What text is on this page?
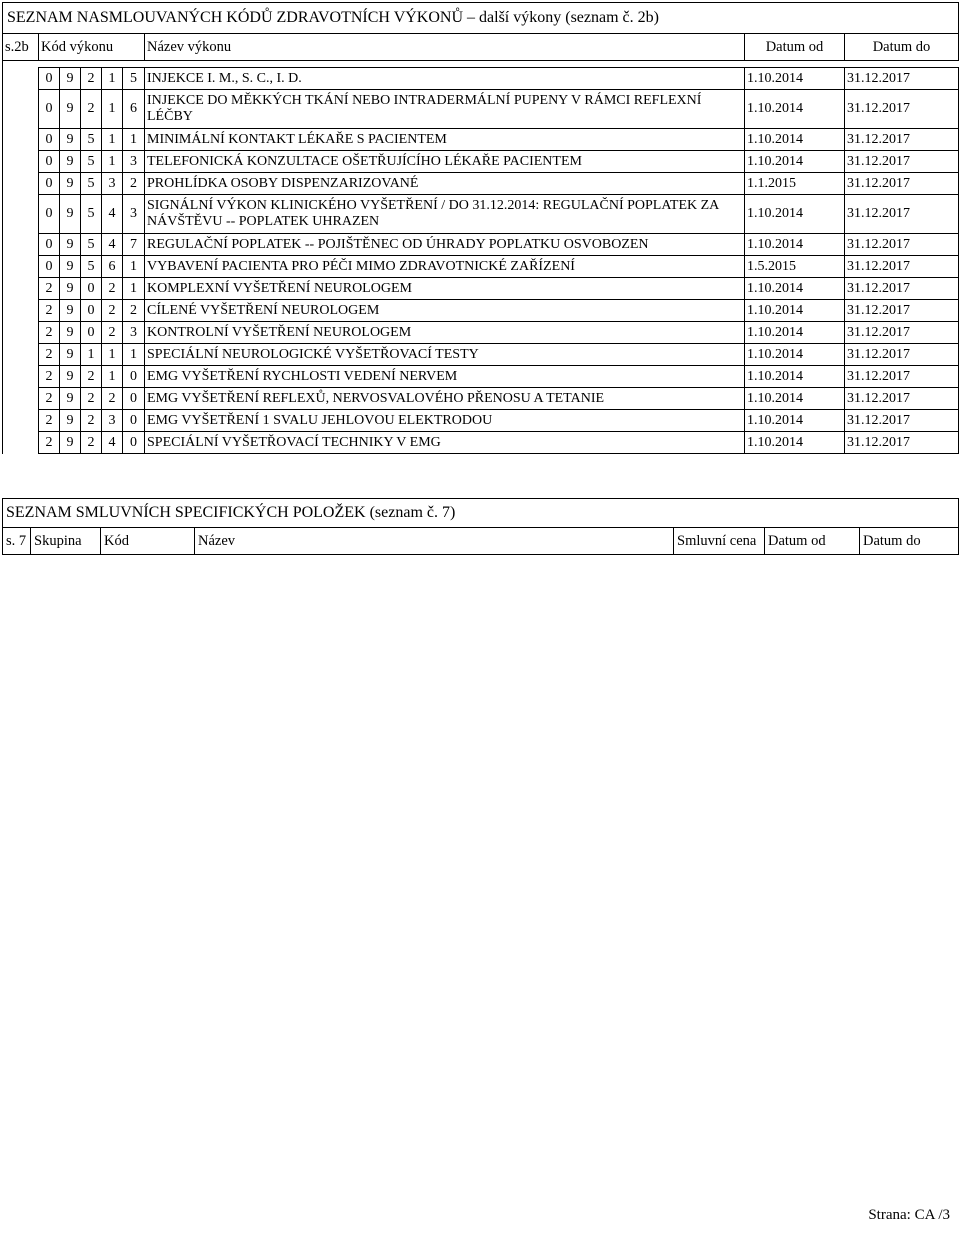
SEZNAM NASMLOUVANÝCH KÓDŮ ZDRAVOTNÍCH VÝKONŮ – další výkony (seznam č. 2b)								
s.2b	Kód výkonu					Název výkonu	Datum od	Datum do

	0	9	2	1	5	INJEKCE I. M., S. C., I. D.	1.10.2014	31.12.2017
	0	9	2	1	6	INJEKCE DO MĚKKÝCH TKÁNÍ NEBO INTRADERMÁLNÍ PUPENY V RÁMCI REFLEXNÍ LÉČBY	1.10.2014	31.12.2017
	0	9	5	1	1	MINIMÁLNÍ KONTAKT LÉKAŘE S PACIENTEM	1.10.2014	31.12.2017
	0	9	5	1	3	TELEFONICKÁ KONZULTACE OŠETŘUJÍCÍHO LÉKAŘE PACIENTEM	1.10.2014	31.12.2017
	0	9	5	3	2	PROHLÍDKA OSOBY DISPENZARIZOVANÉ	1.1.2015	31.12.2017
	0	9	5	4	3	SIGNÁLNÍ VÝKON KLINICKÉHO VYŠETŘENÍ / DO 31.12.2014: REGULAČNÍ POPLATEK ZA NÁVŠTĚVU -- POPLATEK UHRAZEN	1.10.2014	31.12.2017
	0	9	5	4	7	REGULAČNÍ POPLATEK -- POJIŠTĚNEC OD ÚHRADY POPLATKU OSVOBOZEN	1.10.2014	31.12.2017
	0	9	5	6	1	VYBAVENÍ PACIENTA PRO PÉČI MIMO ZDRAVOTNICKÉ ZAŘÍZENÍ	1.5.2015	31.12.2017
	2	9	0	2	1	KOMPLEXNÍ VYŠETŘENÍ NEUROLOGEM	1.10.2014	31.12.2017
	2	9	0	2	2	CÍLENÉ VYŠETŘENÍ NEUROLOGEM	1.10.2014	31.12.2017
	2	9	0	2	3	KONTROLNÍ VYŠETŘENÍ NEUROLOGEM	1.10.2014	31.12.2017
	2	9	1	1	1	SPECIÁLNÍ NEUROLOGICKÉ VYŠETŘOVACÍ TESTY	1.10.2014	31.12.2017
	2	9	2	1	0	EMG VYŠETŘENÍ RYCHLOSTI VEDENÍ NERVEM	1.10.2014	31.12.2017
	2	9	2	2	0	EMG VYŠETŘENÍ REFLEXŮ, NERVOSVALOVÉHO PŘENOSU A TETANIE	1.10.2014	31.12.2017
	2	9	2	3	0	EMG VYŠETŘENÍ 1 SVALU JEHLOVOU ELEKTRODOU	1.10.2014	31.12.2017
	2	9	2	4	0	SPECIÁLNÍ VYŠETŘOVACÍ TECHNIKY V EMG	1.10.2014	31.12.2017
SEZNAM SMLUVNÍCH SPECIFICKÝCH POLOŽEK (seznam č. 7)
s. 7	Skupina	Kód	Název	Smluvní cena	Datum od	Datum do
Strana: CA /3
